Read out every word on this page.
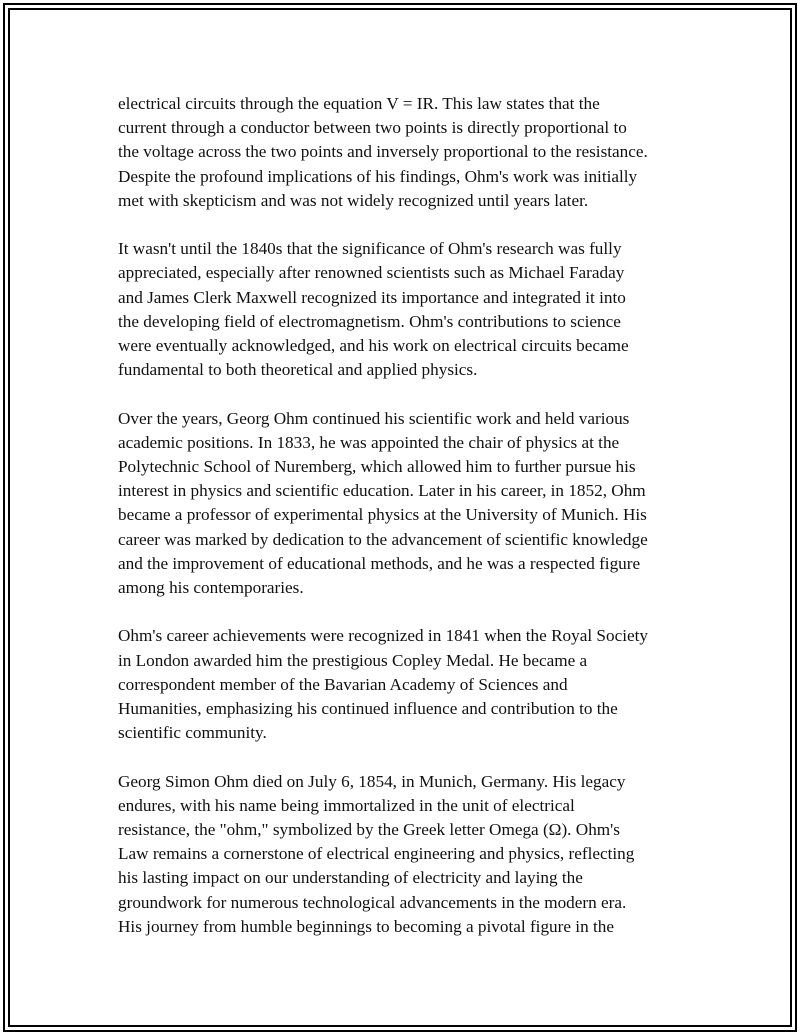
electrical circuits through the equation V = IR. This law states that the
current through a conductor between two points is directly proportional to
the voltage across the two points and inversely proportional to the resistance.
Despite the profound implications of his findings, Ohm's work was initially
met with skepticism and was not widely recognized until years later.

It wasn't until the 1840s that the significance of Ohm's research was fully
appreciated, especially after renowned scientists such as Michael Faraday
and James Clerk Maxwell recognized its importance and integrated it into
the developing field of electromagnetism. Ohm's contributions to science
were eventually acknowledged, and his work on electrical circuits became
fundamental to both theoretical and applied physics.

Over the years, Georg Ohm continued his scientific work and held various
academic positions. In 1833, he was appointed the chair of physics at the
Polytechnic School of Nuremberg, which allowed him to further pursue his
interest in physics and scientific education. Later in his career, in 1852, Ohm
became a professor of experimental physics at the University of Munich. His
career was marked by dedication to the advancement of scientific knowledge
and the improvement of educational methods, and he was a respected figure
among his contemporaries.

Ohm's career achievements were recognized in 1841 when the Royal Society
in London awarded him the prestigious Copley Medal. He became a
correspondent member of the Bavarian Academy of Sciences and
Humanities, emphasizing his continued influence and contribution to the
scientific community.

Georg Simon Ohm died on July 6, 1854, in Munich, Germany. His legacy
endures, with his name being immortalized in the unit of electrical
resistance, the "ohm," symbolized by the Greek letter Omega (Ω). Ohm's
Law remains a cornerstone of electrical engineering and physics, reflecting
his lasting impact on our understanding of electricity and laying the
groundwork for numerous technological advancements in the modern era.
His journey from humble beginnings to becoming a pivotal figure in the
